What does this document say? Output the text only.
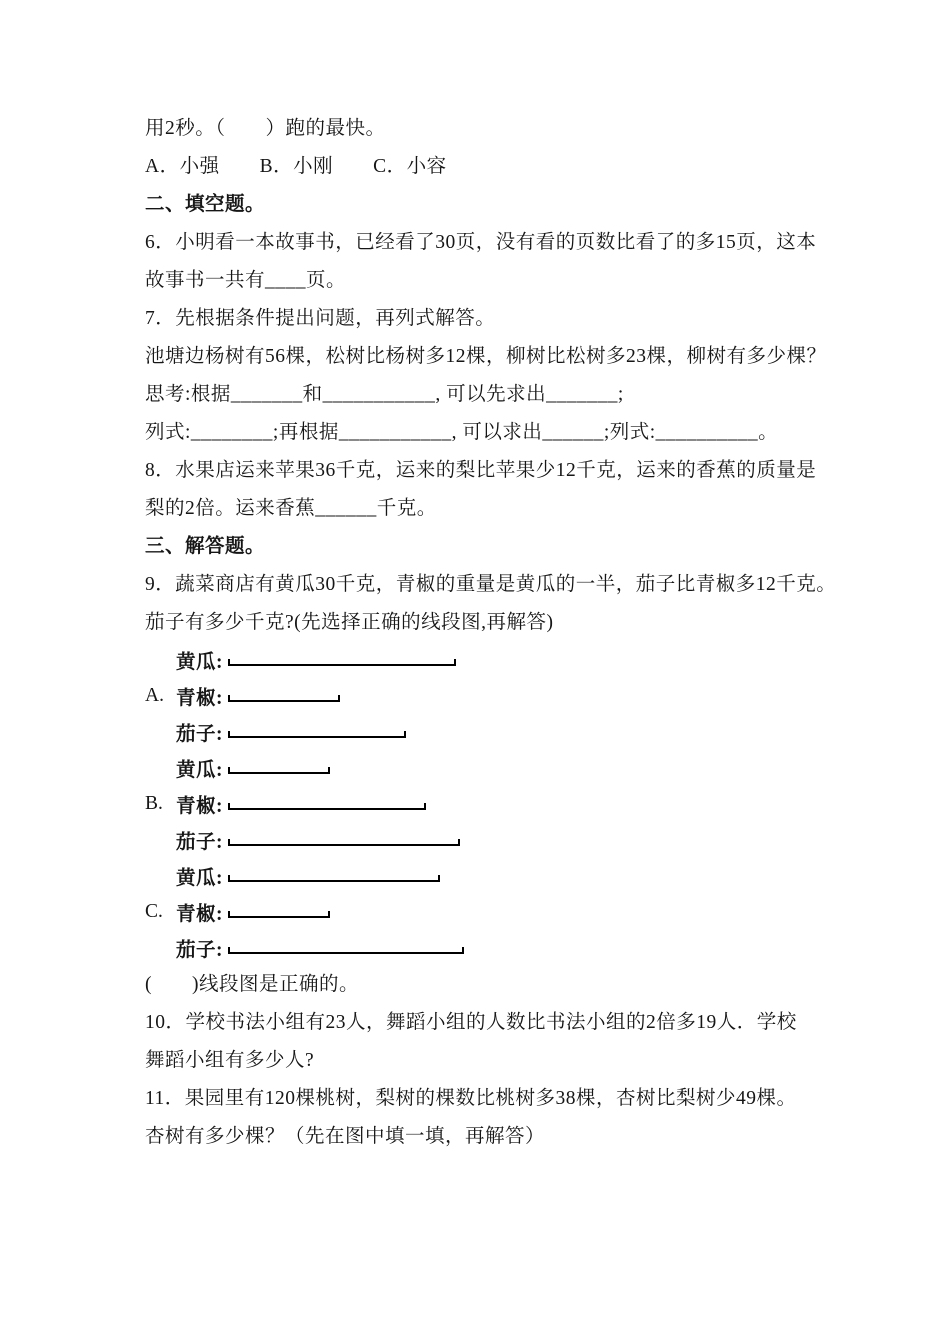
用2秒。（　　）跑的最快。
A．小强　　B．小刚　　C．小容
二、填空题。
6．小明看一本故事书，已经看了30页，没有看的页数比看了的多15页，这本
故事书一共有____页。
7．先根据条件提出问题，再列式解答。
池塘边杨树有56棵，松树比杨树多12棵，柳树比松树多23棵，柳树有多少棵？
思考:根据_______和___________, 可以先求出_______;
列式:________;再根据___________, 可以求出______;列式:__________。
8．水果店运来苹果36千克，运来的梨比苹果少12千克，运来的香蕉的质量是
梨的2倍。运来香蕉______千克。
三、解答题。
9．蔬菜商店有黄瓜30千克，青椒的重量是黄瓜的一半，茄子比青椒多12千克。
茄子有多少千克?(先选择正确的线段图,再解答)
黄瓜:
A. 青椒:
茄子:
黄瓜:
B. 青椒:
茄子:
黄瓜:
C. 青椒:
茄子:
(　　)线段图是正确的。
10．学校书法小组有23人，舞蹈小组的人数比书法小组的2倍多19人．学校
舞蹈小组有多少人?
11．果园里有120棵桃树，梨树的棵数比桃树多38棵，杏树比梨树少49棵。
杏树有多少棵？（先在图中填一填，再解答）
